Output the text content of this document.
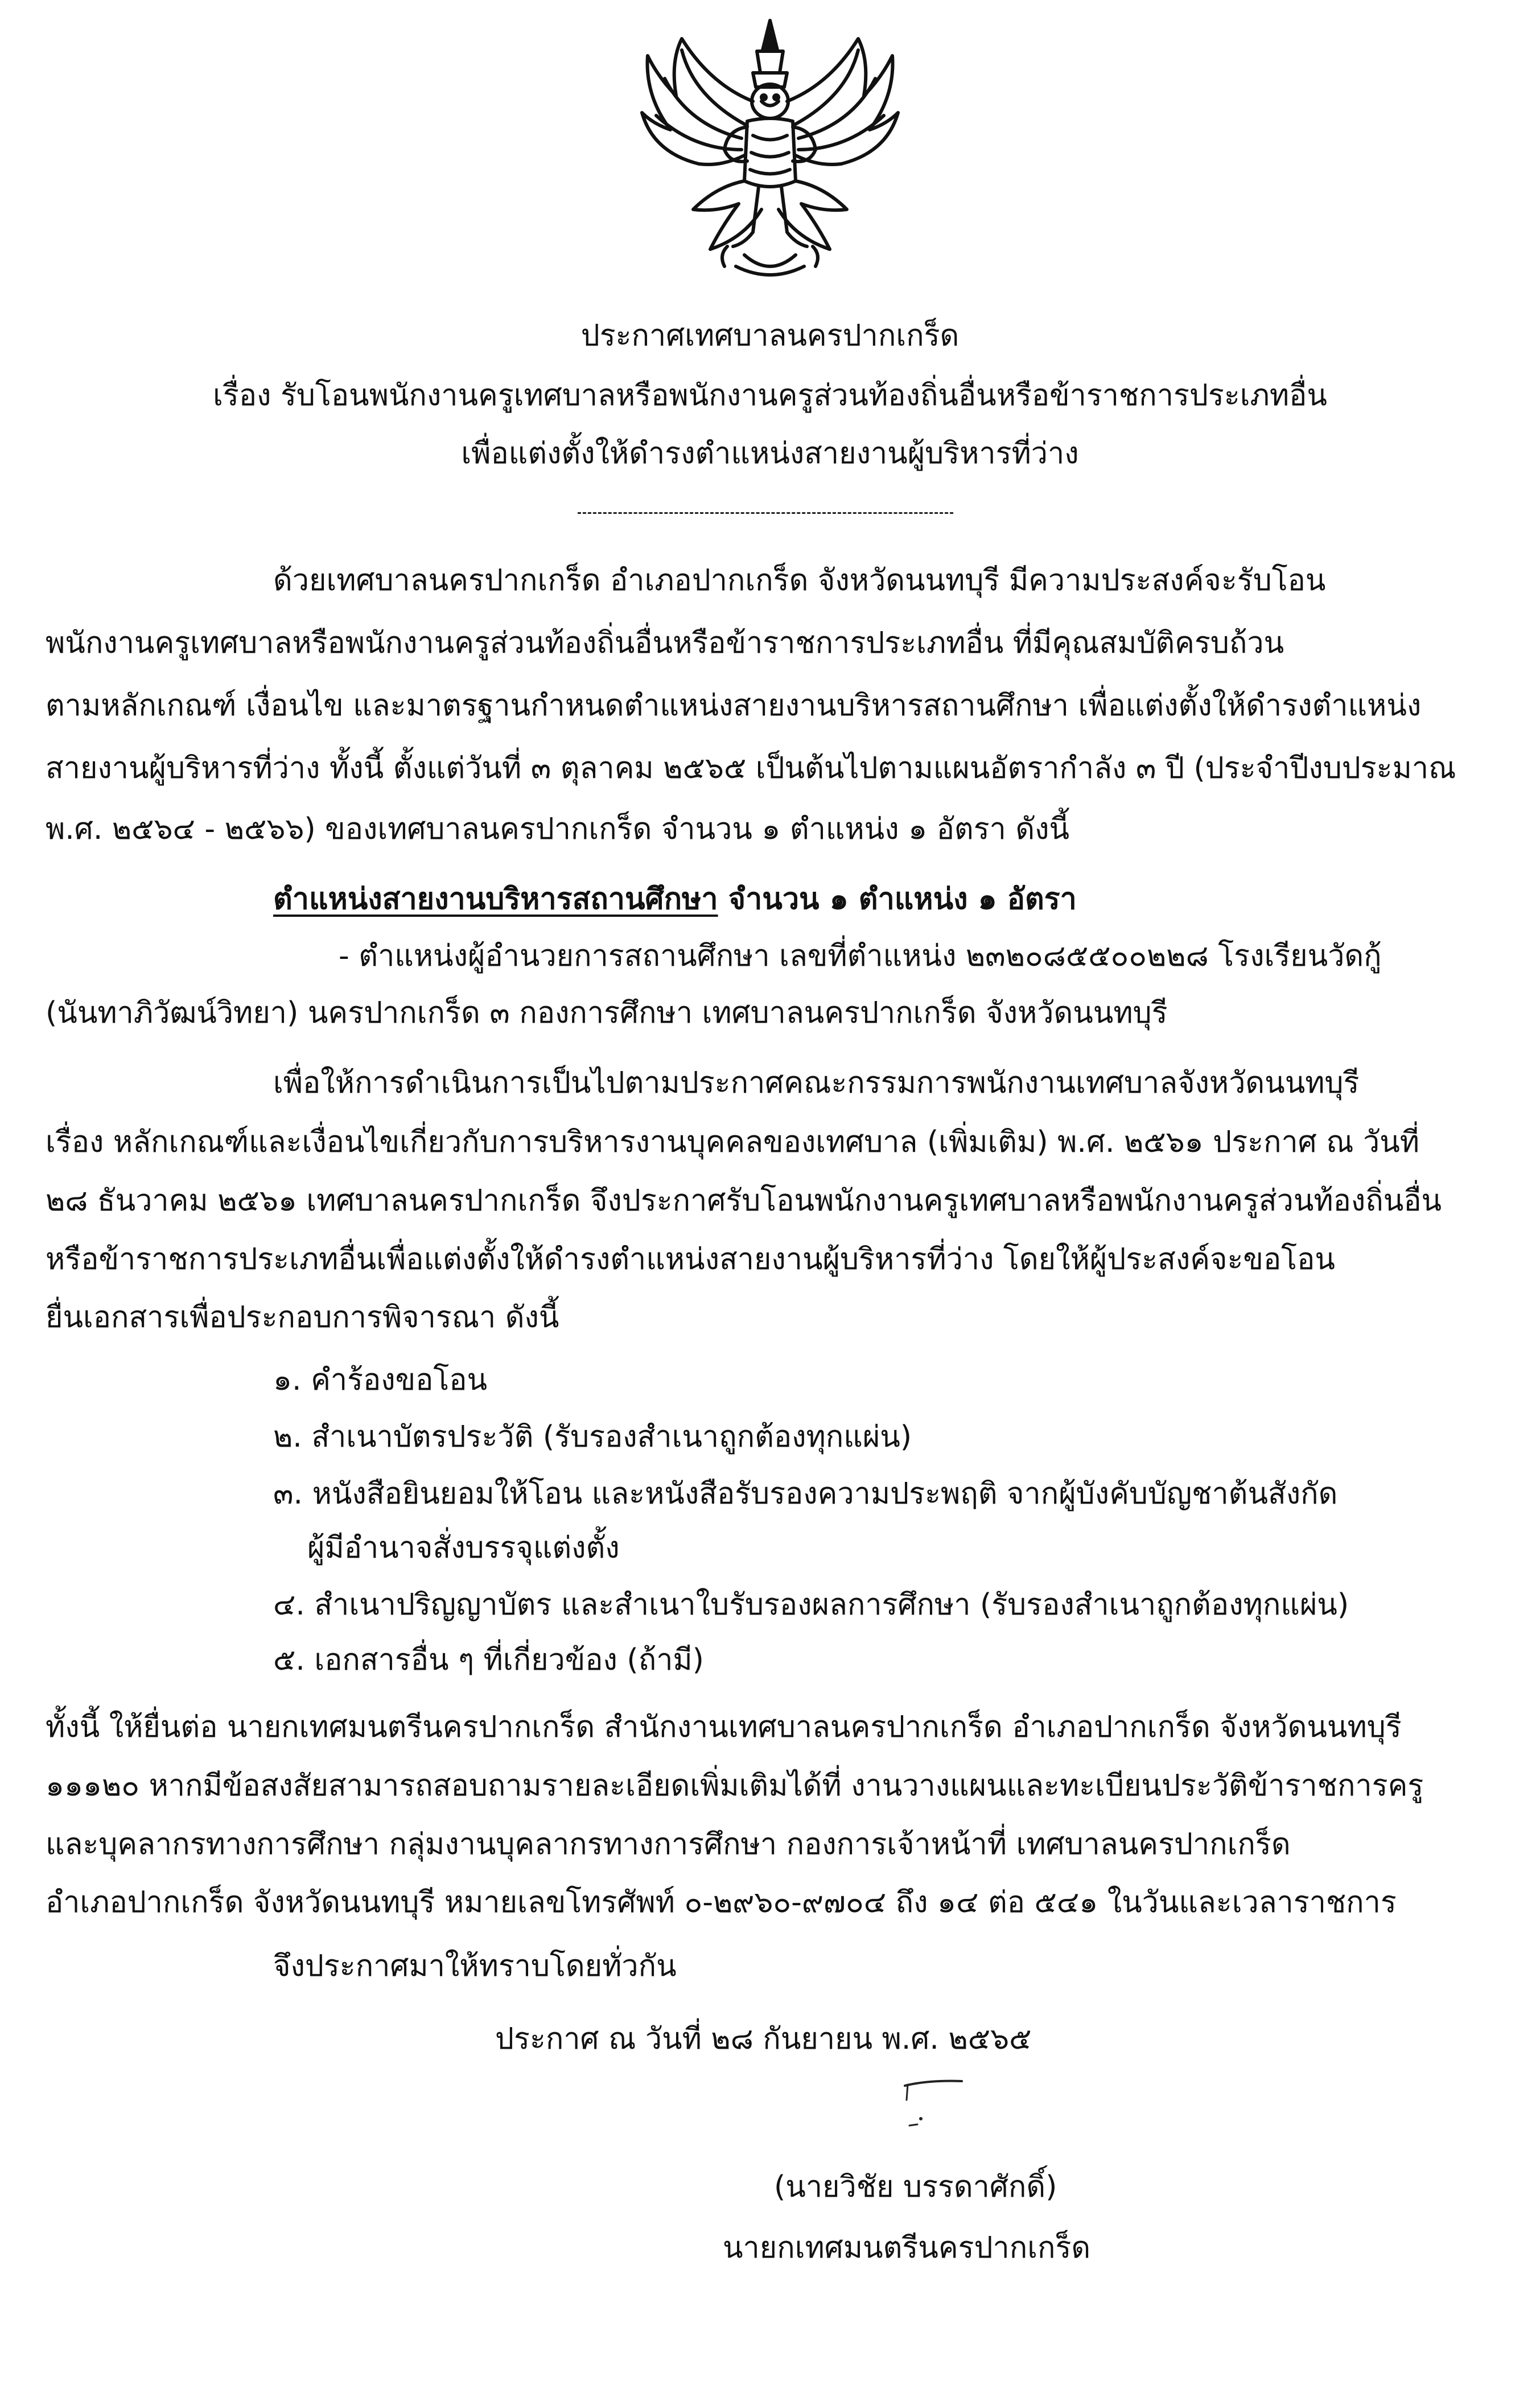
ประกาศเทศบาลนครปากเกร็ด
เรื่อง รับโอนพนักงานครูเทศบาลหรือพนักงานครูส่วนท้องถิ่นอื่นหรือข้าราชการประเภทอื่น
เพื่อแต่งตั้งให้ดำรงตำแหน่งสายงานผู้บริหารที่ว่าง
ด้วยเทศบาลนครปากเกร็ด อำเภอปากเกร็ด จังหวัดนนทบุรี มีความประสงค์จะรับโอน
พนักงานครูเทศบาลหรือพนักงานครูส่วนท้องถิ่นอื่นหรือข้าราชการประเภทอื่น ที่มีคุณสมบัติครบถ้วน
ตามหลักเกณฑ์ เงื่อนไข และมาตรฐานกำหนดตำแหน่งสายงานบริหารสถานศึกษา เพื่อแต่งตั้งให้ดำรงตำแหน่ง
สายงานผู้บริหารที่ว่าง ทั้งนี้ ตั้งแต่วันที่ ๓ ตุลาคม ๒๕๖๕ เป็นต้นไปตามแผนอัตรากำลัง ๓ ปี (ประจำปีงบประมาณ
พ.ศ. ๒๕๖๔ - ๒๕๖๖) ของเทศบาลนครปากเกร็ด จำนวน ๑ ตำแหน่ง ๑ อัตรา ดังนี้
ตำแหน่งสายงานบริหารสถานศึกษา จำนวน ๑ ตำแหน่ง ๑ อัตรา
- ตำแหน่งผู้อำนวยการสถานศึกษา เลขที่ตำแหน่ง ๒๓๒๐๘๕๕๐๐๒๒๘ โรงเรียนวัดกู้
(นันทาภิวัฒน์วิทยา) นครปากเกร็ด ๓ กองการศึกษา เทศบาลนครปากเกร็ด จังหวัดนนทบุรี
เพื่อให้การดำเนินการเป็นไปตามประกาศคณะกรรมการพนักงานเทศบาลจังหวัดนนทบุรี
เรื่อง หลักเกณฑ์และเงื่อนไขเกี่ยวกับการบริหารงานบุคคลของเทศบาล (เพิ่มเติม) พ.ศ. ๒๕๖๑ ประกาศ ณ วันที่
๒๘ ธันวาคม ๒๕๖๑ เทศบาลนครปากเกร็ด จึงประกาศรับโอนพนักงานครูเทศบาลหรือพนักงานครูส่วนท้องถิ่นอื่น
หรือข้าราชการประเภทอื่นเพื่อแต่งตั้งให้ดำรงตำแหน่งสายงานผู้บริหารที่ว่าง โดยให้ผู้ประสงค์จะขอโอน
ยื่นเอกสารเพื่อประกอบการพิจารณา ดังนี้
๑. คำร้องขอโอน
๒. สำเนาบัตรประวัติ (รับรองสำเนาถูกต้องทุกแผ่น)
๓. หนังสือยินยอมให้โอน และหนังสือรับรองความประพฤติ จากผู้บังคับบัญชาต้นสังกัด
ผู้มีอำนาจสั่งบรรจุแต่งตั้ง
๔. สำเนาปริญญาบัตร และสำเนาใบรับรองผลการศึกษา (รับรองสำเนาถูกต้องทุกแผ่น)
๕. เอกสารอื่น ๆ ที่เกี่ยวข้อง (ถ้ามี)
ทั้งนี้ ให้ยื่นต่อ นายกเทศมนตรีนครปากเกร็ด สำนักงานเทศบาลนครปากเกร็ด อำเภอปากเกร็ด จังหวัดนนทบุรี
๑๑๑๒๐ หากมีข้อสงสัยสามารถสอบถามรายละเอียดเพิ่มเติมได้ที่ งานวางแผนและทะเบียนประวัติข้าราชการครู
และบุคลากรทางการศึกษา กลุ่มงานบุคลากรทางการศึกษา กองการเจ้าหน้าที่ เทศบาลนครปากเกร็ด
อำเภอปากเกร็ด จังหวัดนนทบุรี หมายเลขโทรศัพท์ ๐-๒๙๖๐-๙๗๐๔ ถึง ๑๔ ต่อ ๕๔๑ ในวันและเวลาราชการ
จึงประกาศมาให้ทราบโดยทั่วกัน
ประกาศ ณ วันที่ ๒๘ กันยายน พ.ศ. ๒๕๖๕
(นายวิชัย บรรดาศักดิ์)
นายกเทศมนตรีนครปากเกร็ด
